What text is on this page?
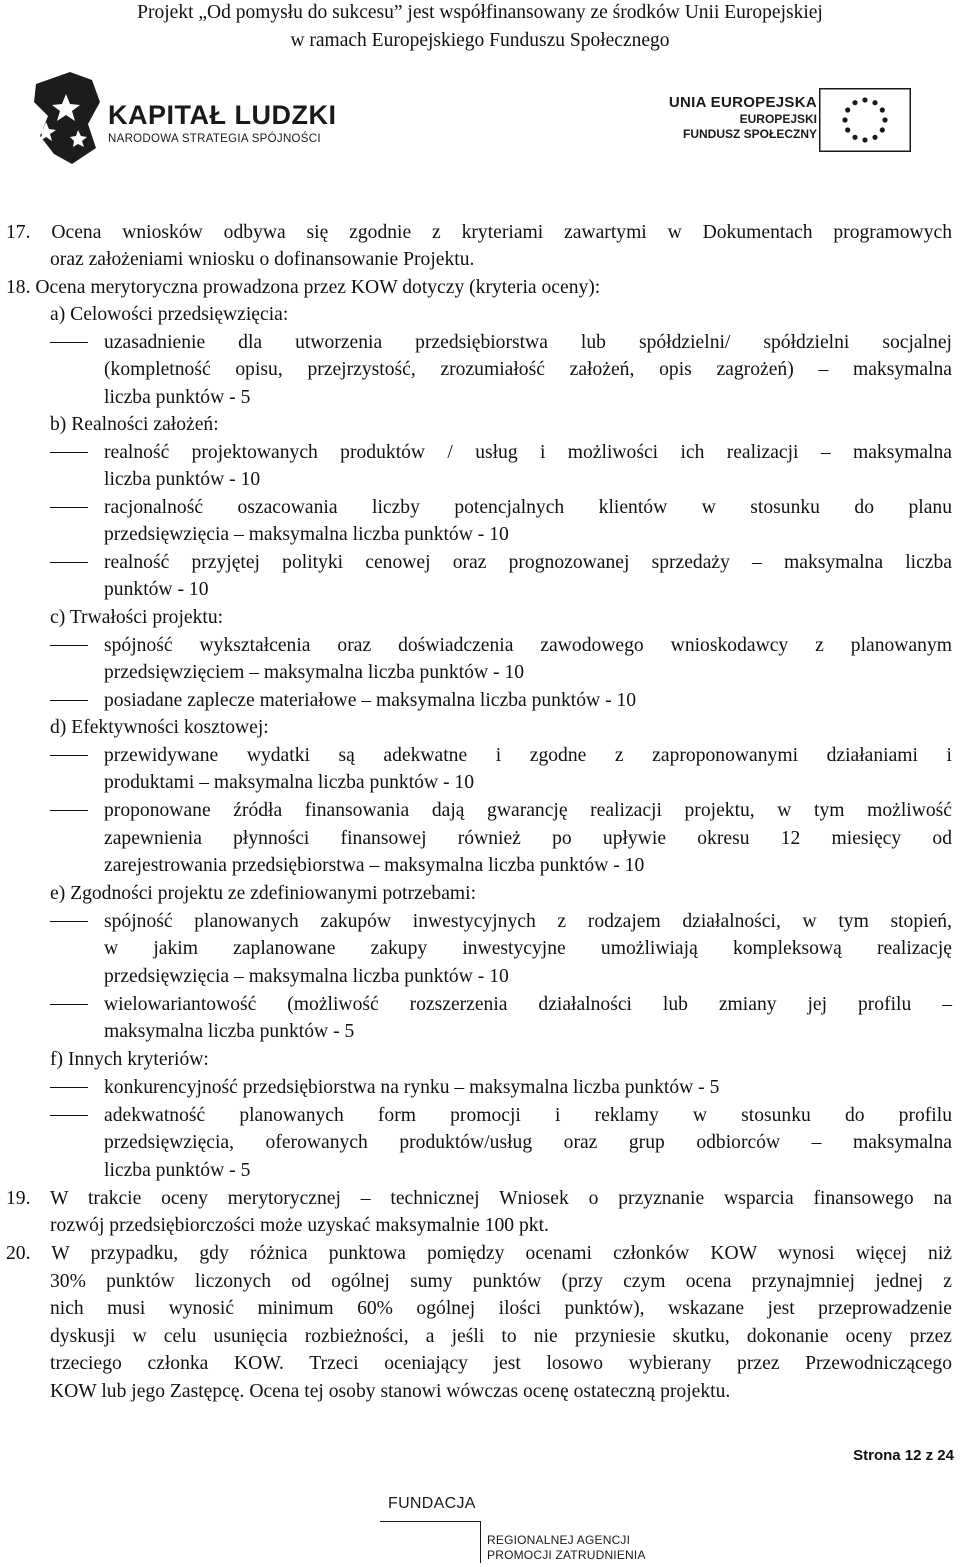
Projekt „Od pomysłu do sukcesu” jest współfinansowany ze środków Unii Europejskiej
w ramach Europejskiego Funduszu Społecznego
KAPITAŁ LUDZKI
NARODOWA STRATEGIA SPÓJNOŚCI
UNIA EUROPEJSKA
EUROPEJSKI
FUNDUSZ SPOŁECZNY
17. Ocena wniosków odbywa się zgodnie z kryteriami zawartymi w Dokumentach programowych
oraz założeniami wniosku o dofinansowanie Projektu.
18. Ocena merytoryczna prowadzona przez KOW dotyczy (kryteria oceny):
a) Celowości przedsięwzięcia:
uzasadnienie dla utworzenia przedsiębiorstwa lub spółdzielni/ spółdzielni socjalnej
(kompletność opisu, przejrzystość, zrozumiałość założeń, opis zagrożeń) – maksymalna
liczba punktów - 5
b) Realności założeń:
realność projektowanych produktów / usług i możliwości ich realizacji – maksymalna
liczba punktów - 10
racjonalność oszacowania liczby potencjalnych klientów w stosunku do planu
przedsięwzięcia – maksymalna liczba punktów - 10
realność przyjętej polityki cenowej oraz prognozowanej sprzedaży – maksymalna liczba
punktów - 10
c) Trwałości projektu:
spójność wykształcenia oraz doświadczenia zawodowego wnioskodawcy z planowanym
przedsięwzięciem – maksymalna liczba punktów - 10
posiadane zaplecze materiałowe – maksymalna liczba punktów - 10
d) Efektywności kosztowej:
przewidywane wydatki są adekwatne i zgodne z zaproponowanymi działaniami i
produktami – maksymalna liczba punktów - 10
proponowane źródła finansowania dają gwarancję realizacji projektu, w tym możliwość
zapewnienia płynności finansowej również po upływie okresu 12 miesięcy od
zarejestrowania przedsiębiorstwa – maksymalna liczba punktów - 10
e) Zgodności projektu ze zdefiniowanymi potrzebami:
spójność planowanych zakupów inwestycyjnych z rodzajem działalności, w tym stopień,
w jakim zaplanowane zakupy inwestycyjne umożliwiają kompleksową realizację
przedsięwzięcia – maksymalna liczba punktów - 10
wielowariantowość (możliwość rozszerzenia działalności lub zmiany jej profilu –
maksymalna liczba punktów - 5
f) Innych kryteriów:
konkurencyjność przedsiębiorstwa na rynku – maksymalna liczba punktów - 5
adekwatność planowanych form promocji i reklamy w stosunku do profilu
przedsięwzięcia, oferowanych produktów/usług oraz grup odbiorców – maksymalna
liczba punktów - 5
19. W trakcie oceny merytorycznej – technicznej Wniosek o przyznanie wsparcia finansowego na
rozwój przedsiębiorczości może uzyskać maksymalnie 100 pkt.
20. W przypadku, gdy różnica punktowa pomiędzy ocenami członków KOW wynosi więcej niż
30% punktów liczonych od ogólnej sumy punktów (przy czym ocena przynajmniej jednej z
nich musi wynosić minimum 60% ogólnej ilości punktów), wskazane jest przeprowadzenie
dyskusji w celu usunięcia rozbieżności, a jeśli to nie przyniesie skutku, dokonanie oceny przez
trzeciego członka KOW. Trzeci oceniający jest losowo wybierany przez Przewodniczącego
KOW lub jego Zastępcę. Ocena tej osoby stanowi wówczas ocenę ostateczną projektu.
Strona 12 z 24
FUNDACJA
REGIONALNEJ AGENCJI
PROMOCJI ZATRUDNIENIA
